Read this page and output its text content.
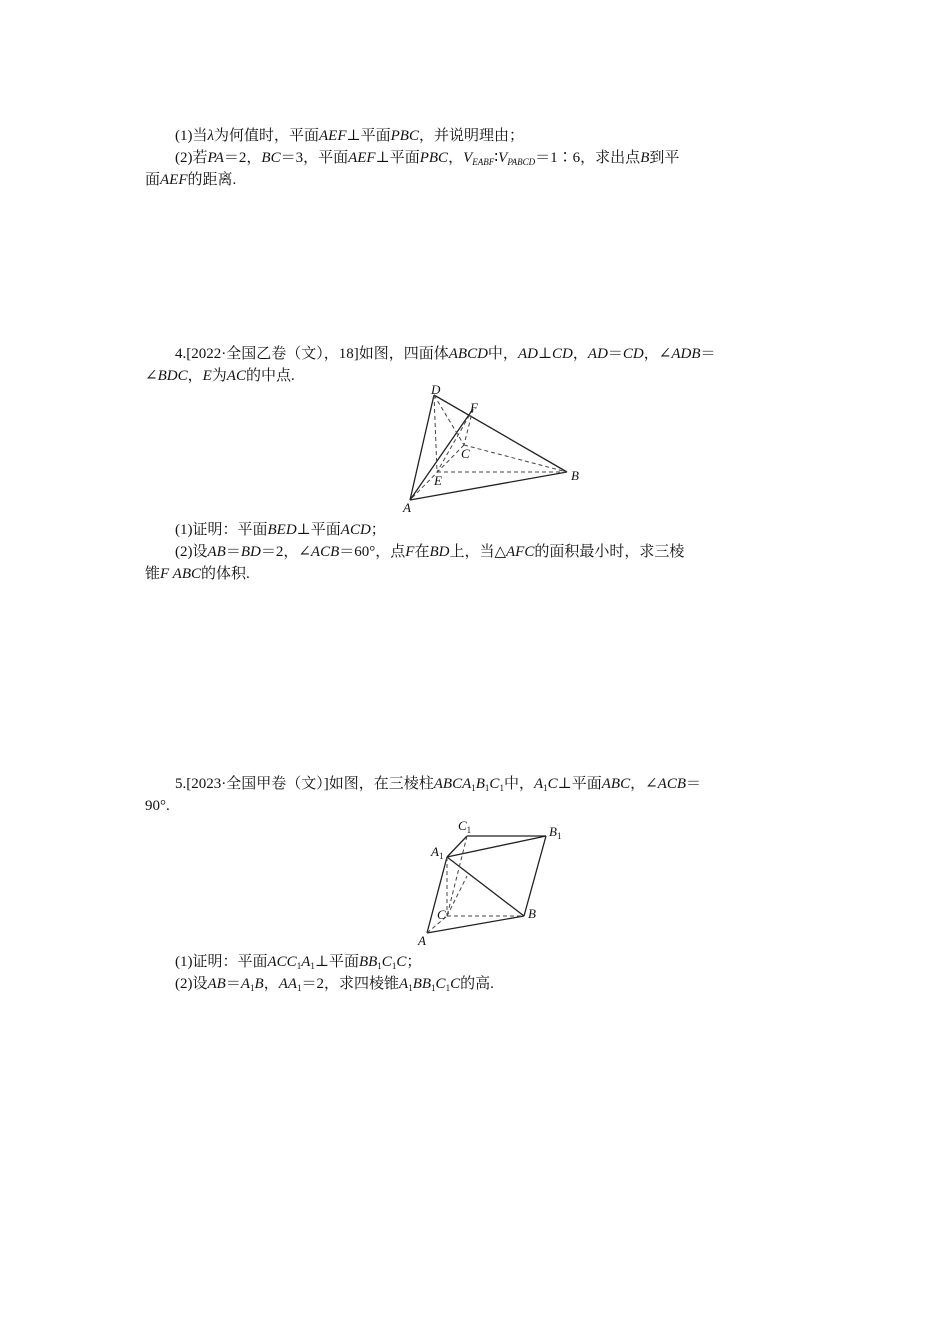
(1)当λ为何值时，平面AEF⊥平面PBC，并说明理由；
(2)若PA＝2，BC＝3，平面AEF⊥平面PBC，$V_{EABF}∶V_{PABCD}=1∶6$，求出点B到平
面AEF的距离.
4.[2022·全国乙卷（文），18]如图，四面体ABCD中，AD⊥CD，AD＝CD，∠ADB＝
∠BDC，E为AC的中点.
(1)证明：平面BED⊥平面ACD；
(2)设AB＝BD＝2，∠ACB＝60°，点F在BD上，当△AFC的面积最小时，求三棱
锥F ABC的体积.
5.[2023·全国甲卷（文）]如图，在三棱柱$ABCA_1B_1C_1$中，$A_1C\perp$平面ABC，∠ACB＝
90°.
(1)证明：平面$ACC_1A_1\perp$平面$BB_1C_1C$；
(2)设$AB=A_1B$，$AA_1=2$，求四棱锥$A_1BB_1C_1C$的高.
D
F
C
B
E
A
$C_1$	$B_1$
$A_1$
C	B
A
